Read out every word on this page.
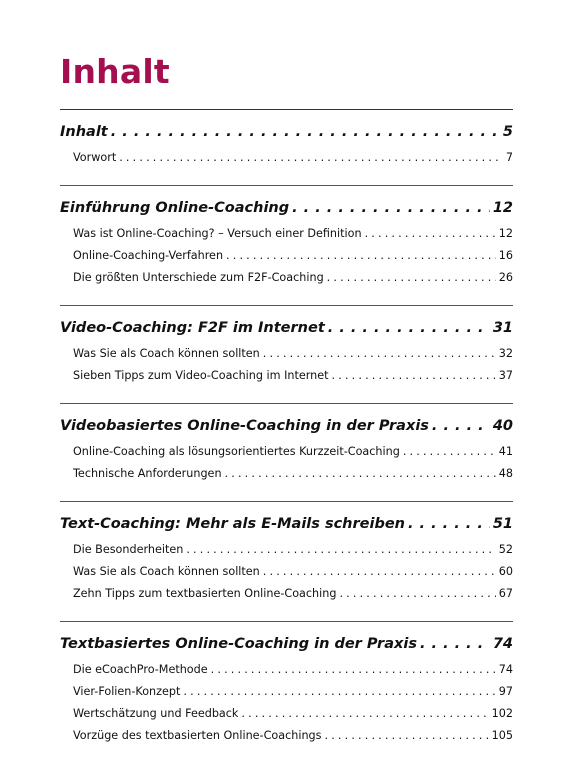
Inhalt
Inhalt . . .	5
Vorwort . . .	7
Einführung Online-Coaching . . .	12
Was ist Online-Coaching? – Versuch einer Definition . . .	12
Online-Coaching-Verfahren . . .	16
Die größten Unterschiede zum F2F-Coaching . . .	26
Video-Coaching: F2F im Internet . . .	31
Was Sie als Coach können sollten . . .	32
Sieben Tipps zum Video-Coaching im Internet . . .	37
Videobasiertes Online-Coaching in der Praxis . . .	40
Online-Coaching als lösungsorientiertes Kurzzeit-Coaching . . .	41
Technische Anforderungen . . .	48
Text-Coaching: Mehr als E-Mails schreiben . . .	51
Die Besonderheiten . . .	52
Was Sie als Coach können sollten . . .	60
Zehn Tipps zum textbasierten Online-Coaching . . .	67
Textbasiertes Online-Coaching in der Praxis . . .	74
Die eCoachPro-Methode . . .	74
Vier-Folien-Konzept . . .	97
Wertschätzung und Feedback . . .	102
Vorzüge des textbasierten Online-Coachings . . .	105
